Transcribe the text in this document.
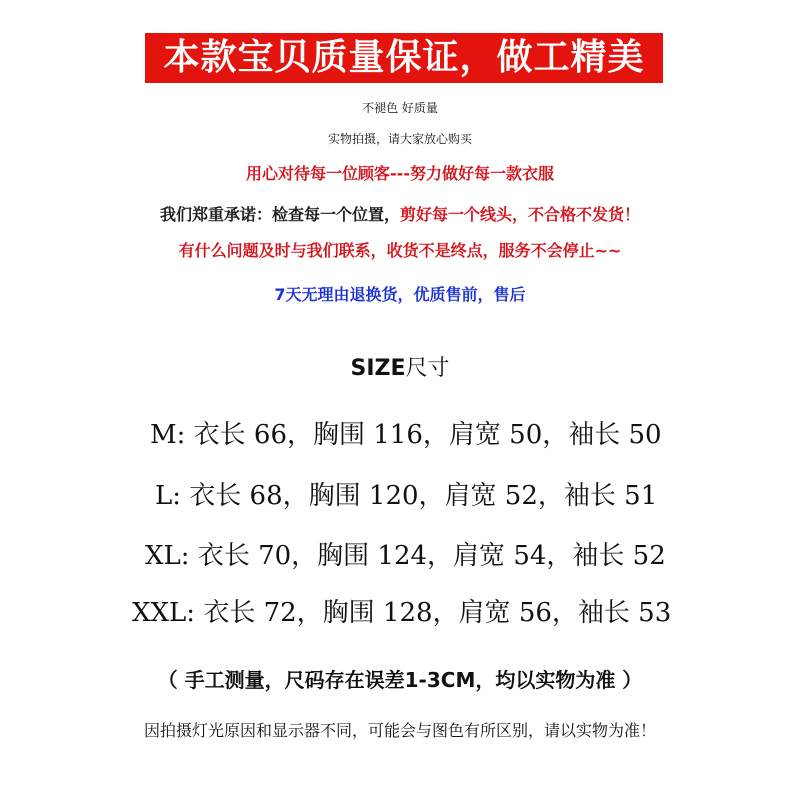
本款宝贝质量保证，做工精美
不褪色 好质量
实物拍摄，请大家放心购买
用心对待每一位顾客---努力做好每一款衣服
我们郑重承诺：检查每一个位置，剪好每一个线头，不合格不发货！
有什么问题及时与我们联系，收货不是终点，服务不会停止~~
7天无理由退换货，优质售前，售后
SIZE尺寸
M: 衣长 66，胸围 116，肩宽 50，袖长 50
L: 衣长 68，胸围 120，肩宽 52，袖长 51
XL: 衣长 70，胸围 124，肩宽 54，袖长 52
XXL: 衣长 72，胸围 128，肩宽 56，袖长 53
（ 手工测量，尺码存在误差1-3CM，均以实物为准 ）
因拍摄灯光原因和显示器不同，可能会与图色有所区别，请以实物为准！
